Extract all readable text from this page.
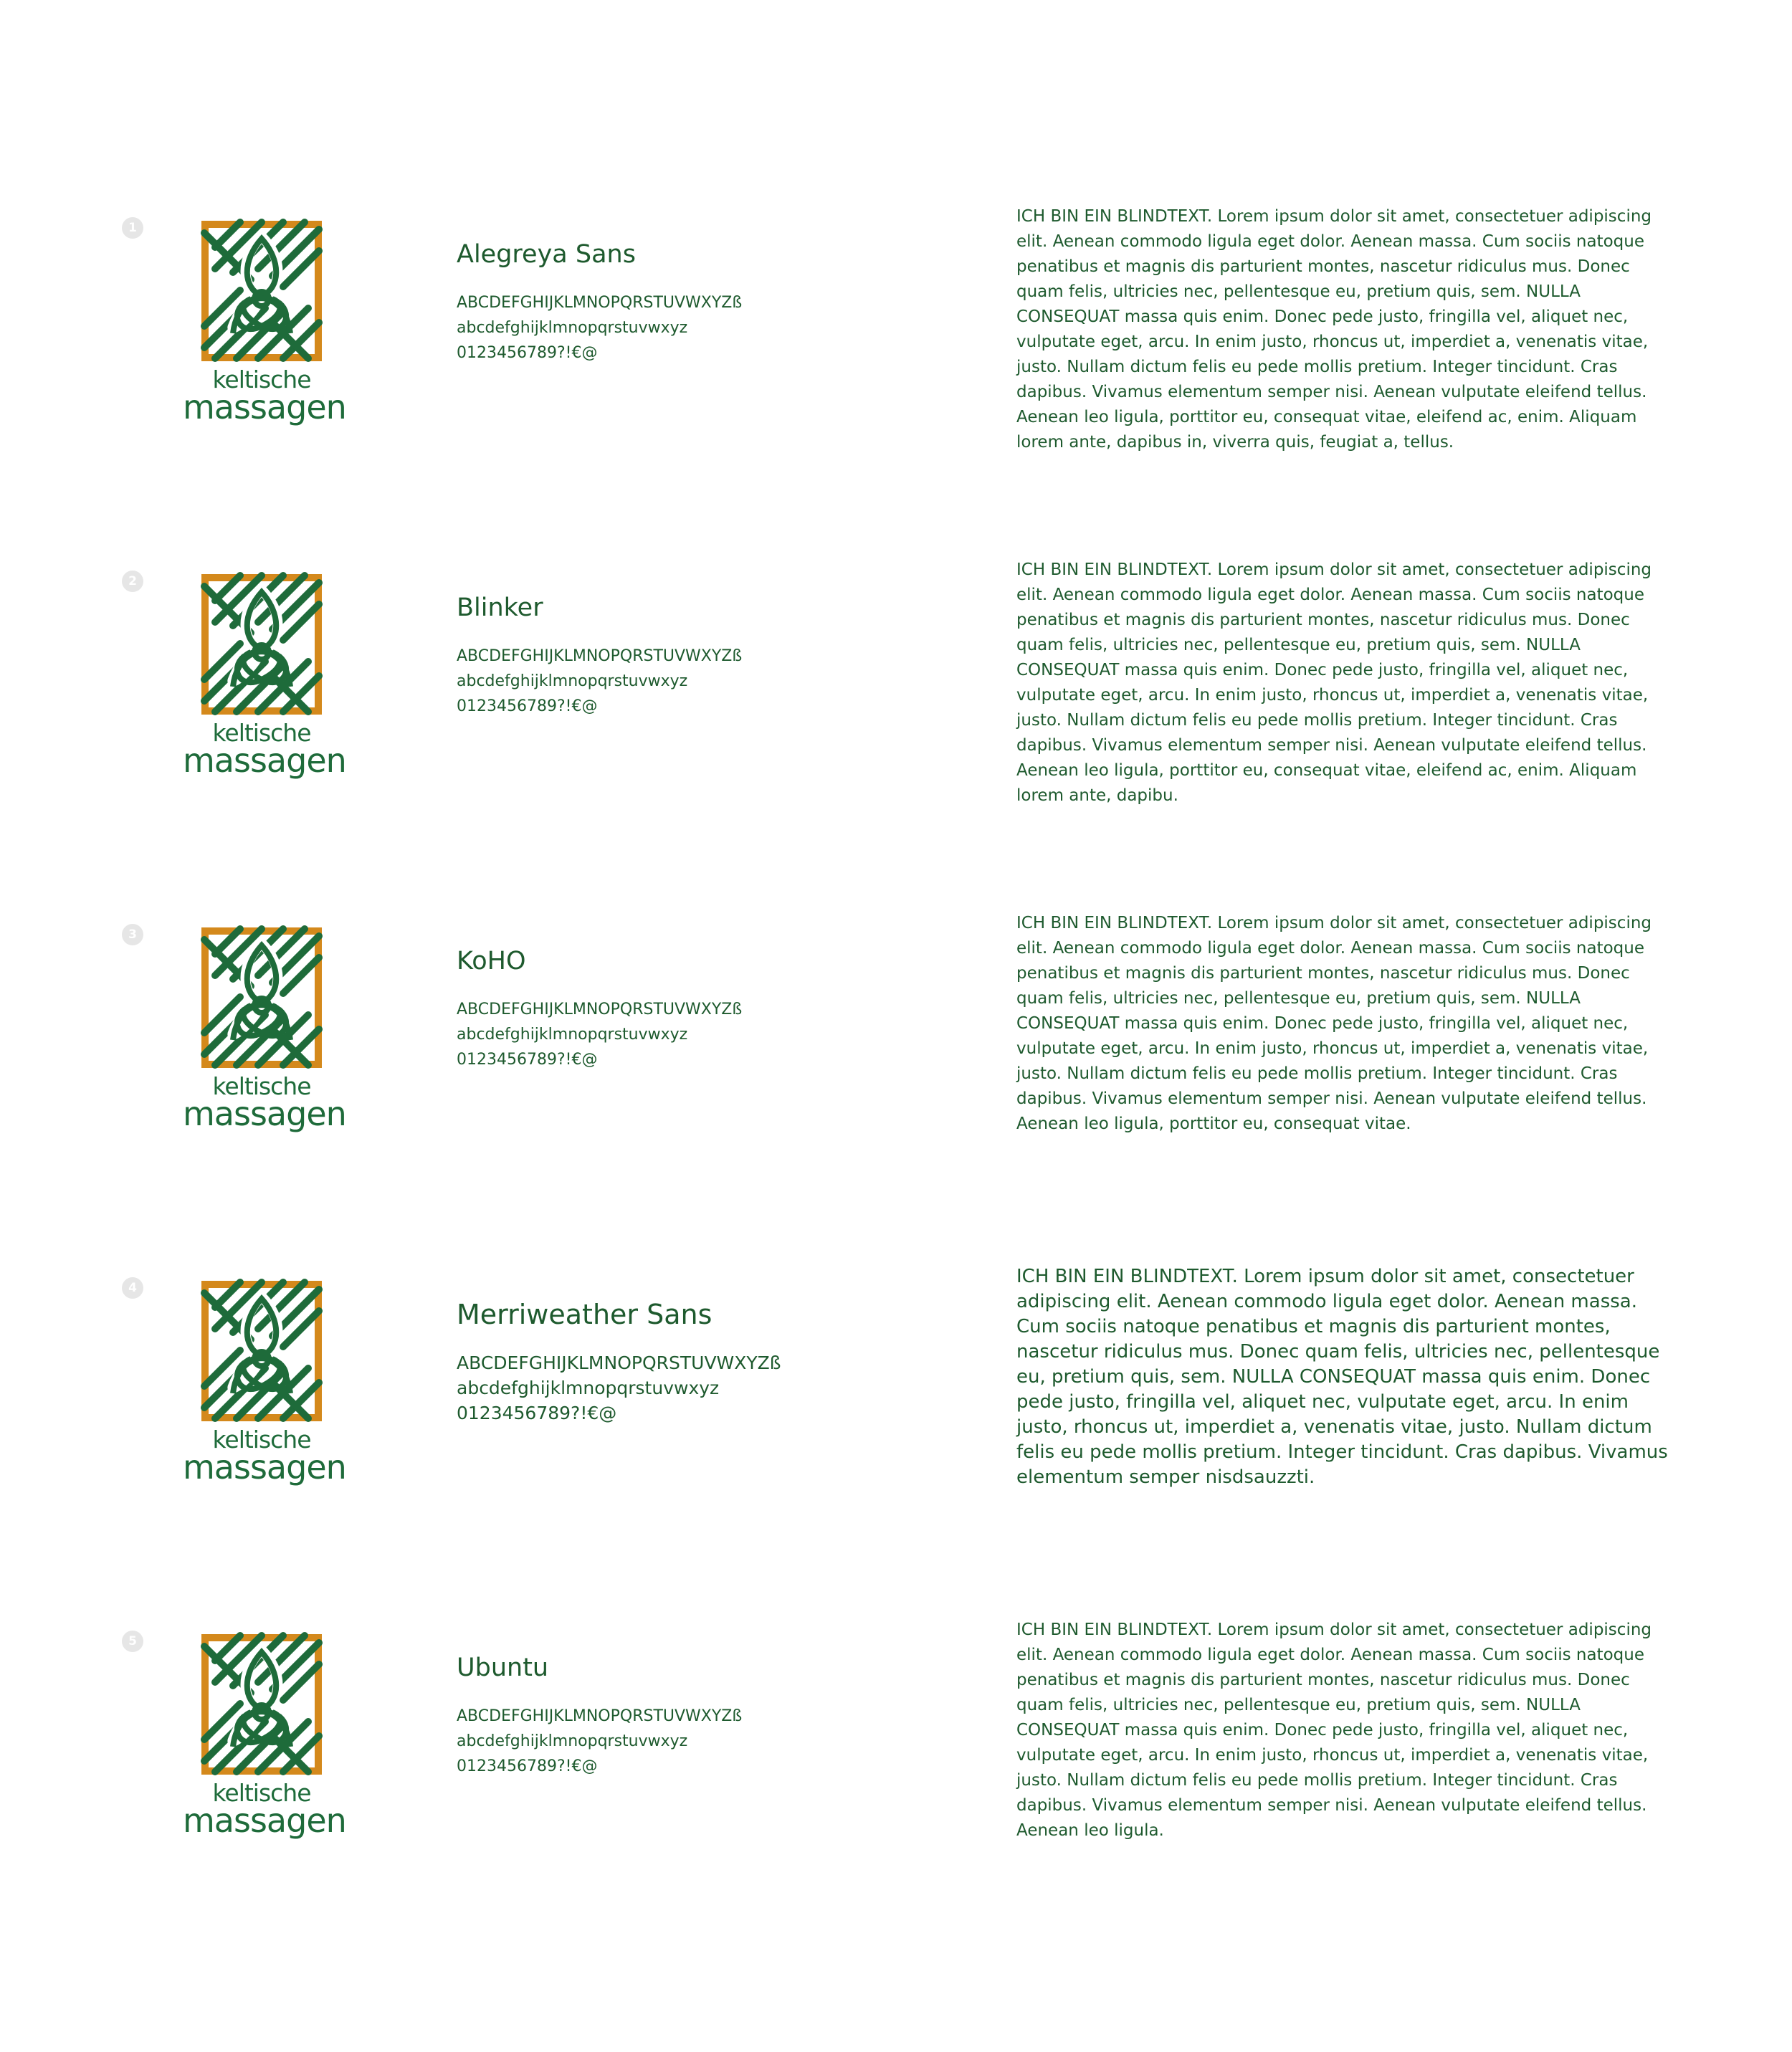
1
keltische
massagen
Alegreya Sans
ABCDEFGHIJKLMNOPQRSTUVWXYZß
abcdefghijklmnopqrstuvwxyz
0123456789?!€@
ICH BIN EIN BLINDTEXT. Lorem ipsum dolor sit amet, consectetuer adipiscing elit. Aenean commodo ligula eget dolor. Aenean massa. Cum sociis natoque penatibus et magnis dis parturient montes, nascetur ridiculus mus. Donec quam felis, ultricies nec, pellentesque eu, pretium quis, sem. NULLA CONSEQUAT massa quis enim. Donec pede justo, fringilla vel, aliquet nec, vulputate eget, arcu. In enim justo, rhoncus ut, imperdiet a, venenatis vitae, justo. Nullam dictum felis eu pede mollis pretium. Integer tincidunt. Cras dapibus. Vivamus elementum semper nisi. Aenean vulputate eleifend tellus. Aenean leo ligula, porttitor eu, consequat vitae, eleifend ac, enim. Aliquam lorem ante, dapibus in, viverra quis, feugiat a, tellus.
2
keltische
massagen
Blinker
ABCDEFGHIJKLMNOPQRSTUVWXYZß
abcdefghijklmnopqrstuvwxyz
0123456789?!€@
ICH BIN EIN BLINDTEXT. Lorem ipsum dolor sit amet, consectetuer adipiscing elit. Aenean commodo ligula eget dolor. Aenean massa. Cum sociis natoque penatibus et magnis dis parturient montes, nascetur ridiculus mus. Donec quam felis, ultricies nec, pellentesque eu, pretium quis, sem. NULLA CONSEQUAT massa quis enim. Donec pede justo, fringilla vel, aliquet nec, vulputate eget, arcu. In enim justo, rhoncus ut, imperdiet a, venenatis vitae, justo. Nullam dictum felis eu pede mollis pretium. Integer tincidunt. Cras dapibus. Vivamus elementum semper nisi. Aenean vulputate eleifend tellus. Aenean leo ligula, porttitor eu, consequat vitae, eleifend ac, enim. Aliquam lorem ante, dapibu.
3
keltische
massagen
KoHO
ABCDEFGHIJKLMNOPQRSTUVWXYZß
abcdefghijklmnopqrstuvwxyz
0123456789?!€@
ICH BIN EIN BLINDTEXT. Lorem ipsum dolor sit amet, consectetuer adipiscing elit. Aenean commodo ligula eget dolor. Aenean massa. Cum sociis natoque penatibus et magnis dis parturient montes, nascetur ridiculus mus. Donec quam felis, ultricies nec, pellentesque eu, pretium quis, sem. NULLA CONSEQUAT massa quis enim. Donec pede justo, fringilla vel, aliquet nec, vulputate eget, arcu. In enim justo, rhoncus ut, imperdiet a, venenatis vitae, justo. Nullam dictum felis eu pede mollis pretium. Integer tincidunt. Cras dapibus. Vivamus elementum semper nisi. Aenean vulputate eleifend tellus. Aenean leo ligula, porttitor eu, consequat vitae.
4
keltische
massagen
Merriweather Sans
ABCDEFGHIJKLMNOPQRSTUVWXYZß
abcdefghijklmnopqrstuvwxyz
0123456789?!€@
ICH BIN EIN BLINDTEXT. Lorem ipsum dolor sit amet, consectetuer adipiscing elit. Aenean commodo ligula eget dolor. Aenean massa. Cum sociis natoque penatibus et magnis dis parturient montes, nascetur ridiculus mus. Donec quam felis, ultricies nec, pellentesque eu, pretium quis, sem. NULLA CONSEQUAT massa quis enim. Donec pede justo, fringilla vel, aliquet nec, vulputate eget, arcu. In enim justo, rhoncus ut, imperdiet a, venenatis vitae, justo. Nullam dictum felis eu pede mollis pretium. Integer tincidunt. Cras dapibus. Vivamus elementum semper nisdsauzzti.
5
keltische
massagen
Ubuntu
ABCDEFGHIJKLMNOPQRSTUVWXYZß
abcdefghijklmnopqrstuvwxyz
0123456789?!€@
ICH BIN EIN BLINDTEXT. Lorem ipsum dolor sit amet, consectetuer adipiscing elit. Aenean commodo ligula eget dolor. Aenean massa. Cum sociis natoque penatibus et magnis dis parturient montes, nascetur ridiculus mus. Donec quam felis, ultricies nec, pellentesque eu, pretium quis, sem. NULLA CONSEQUAT massa quis enim. Donec pede justo, fringilla vel, aliquet nec, vulputate eget, arcu. In enim justo, rhoncus ut, imperdiet a, venenatis vitae, justo. Nullam dictum felis eu pede mollis pretium. Integer tincidunt. Cras dapibus. Vivamus elementum semper nisi. Aenean vulputate eleifend tellus. Aenean leo ligula.
